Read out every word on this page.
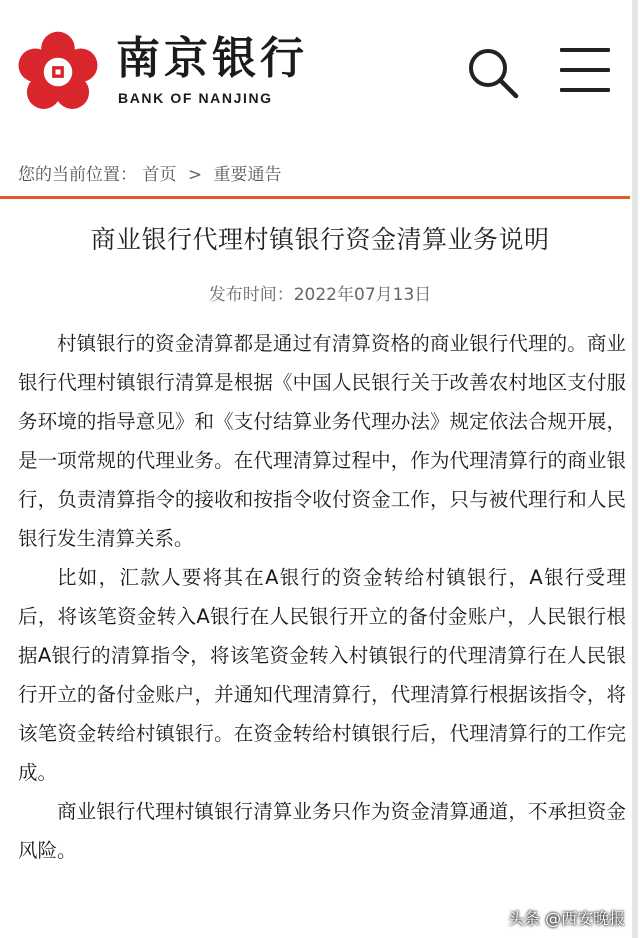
南京银行
BANK OF NANJING
您的当前位置： 首页 > 重要通告
商业银行代理村镇银行资金清算业务说明
发布时间：2022年07月13日

村镇银行的资金清算都是通过有清算资格的商业银行代理的。商业银行代理村镇银行清算是根据《中国人民银行关于改善农村地区支付服务环境的指导意见》和《支付结算业务代理办法》规定依法合规开展，是一项常规的代理业务。在代理清算过程中，作为代理清算行的商业银行，负责清算指令的接收和按指令收付资金工作，只与被代理行和人民银行发生清算关系。

比如，汇款人要将其在A银行的资金转给村镇银行，A银行受理后，将该笔资金转入A银行在人民银行开立的备付金账户，人民银行根据A银行的清算指令，将该笔资金转入村镇银行的代理清算行在人民银行开立的备付金账户，并通知代理清算行，代理清算行根据该指令，将该笔资金转给村镇银行。在资金转给村镇银行后，代理清算行的工作完成。

商业银行代理村镇银行清算业务只作为资金清算通道，不承担资金风险。

头条 @西安晚报
